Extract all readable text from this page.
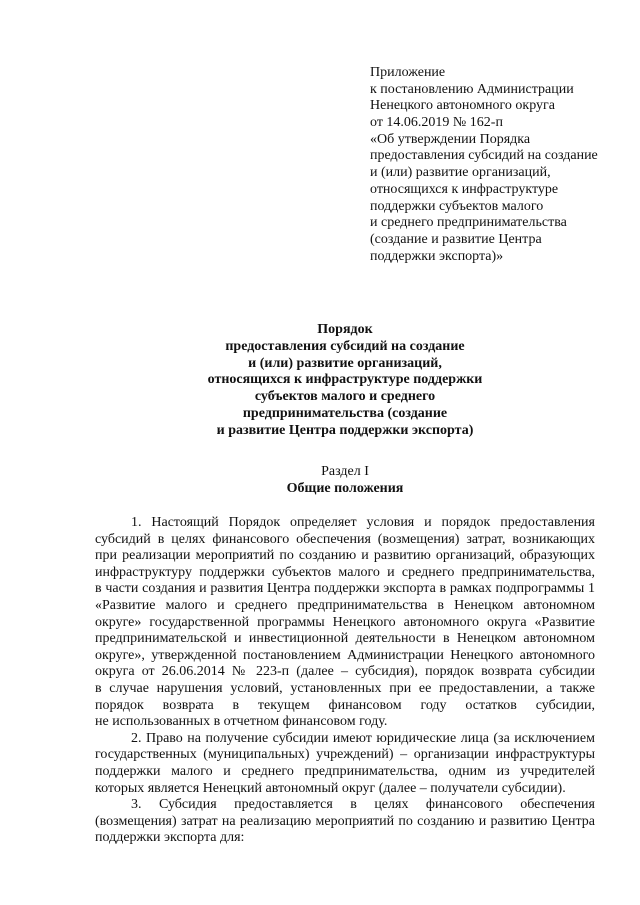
Приложение
к постановлению Администрации
Ненецкого автономного округа
от 14.06.2019 № 162-п
«Об утверждении Порядка
предоставления субсидий на создание
и (или) развитие организаций,
относящихся к инфраструктуре
поддержки субъектов малого
и среднего предпринимательства
(создание и развитие Центра
поддержки экспорта)»
Порядок
предоставления субсидий на создание
и (или) развитие организаций,
относящихся к инфраструктуре поддержки
субъектов малого и среднего
предпринимательства (создание
и развитие Центра поддержки экспорта)
Раздел I
Общие положения
1. Настоящий Порядок определяет условия и порядок предоставления
субсидий в целях финансового обеспечения (возмещения) затрат, возникающих
при реализации мероприятий по созданию и развитию организаций, образующих
инфраструктуру поддержки субъектов малого и среднего предпринимательства,
в части создания и развития Центра поддержки экспорта в рамках подпрограммы 1
«Развитие малого и среднего предпринимательства в Ненецком автономном
округе» государственной программы Ненецкого автономного округа «Развитие
предпринимательской и инвестиционной деятельности в Ненецком автономном
округе», утвержденной постановлением Администрации Ненецкого автономного
округа от 26.06.2014 № 223-п (далее – субсидия), порядок возврата субсидии
в случае нарушения условий, установленных при ее предоставлении, а также
порядок возврата в текущем финансовом году остатков субсидии,
не использованных в отчетном финансовом году.
2. Право на получение субсидии имеют юридические лица (за исключением
государственных (муниципальных) учреждений) – организации инфраструктуры
поддержки малого и среднего предпринимательства, одним из учредителей
которых является Ненецкий автономный округ (далее – получатели субсидии).
3. Субсидия предоставляется в целях финансового обеспечения
(возмещения) затрат на реализацию мероприятий по созданию и развитию Центра
поддержки экспорта для:
